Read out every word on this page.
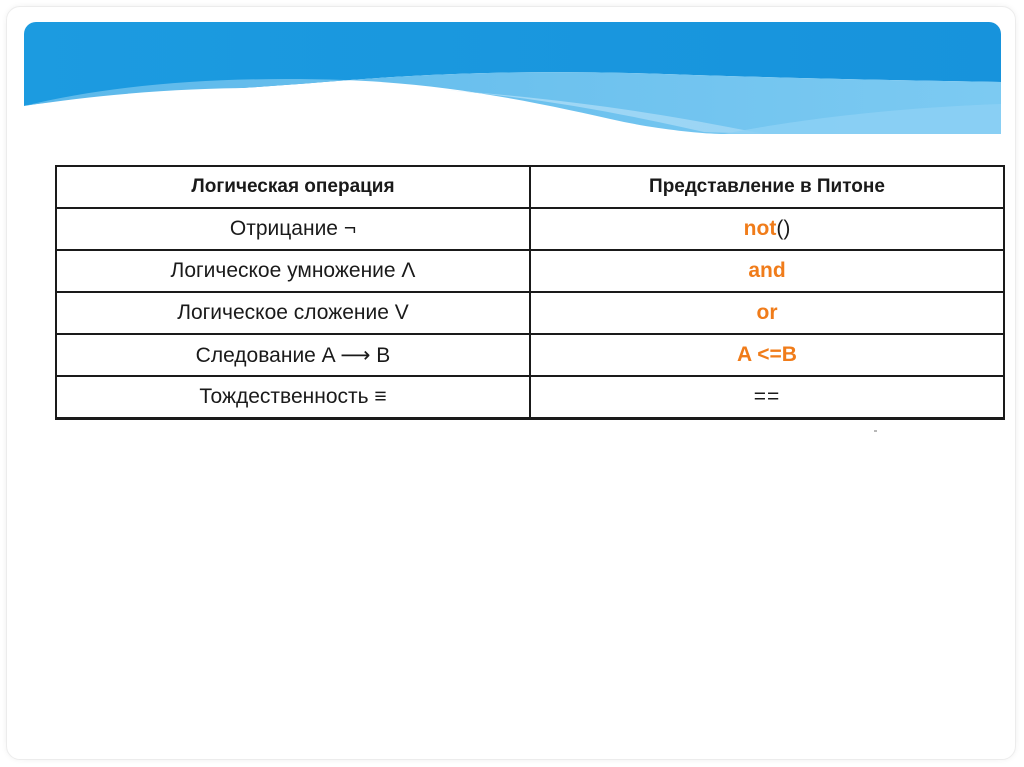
Логическая операция	Представление в Питоне
Отрицание ¬	not()
Логическое умножение Λ	and
Логическое сложение V	or
Следование A ⟶ B	A <=B
Тождественность ≡	==
